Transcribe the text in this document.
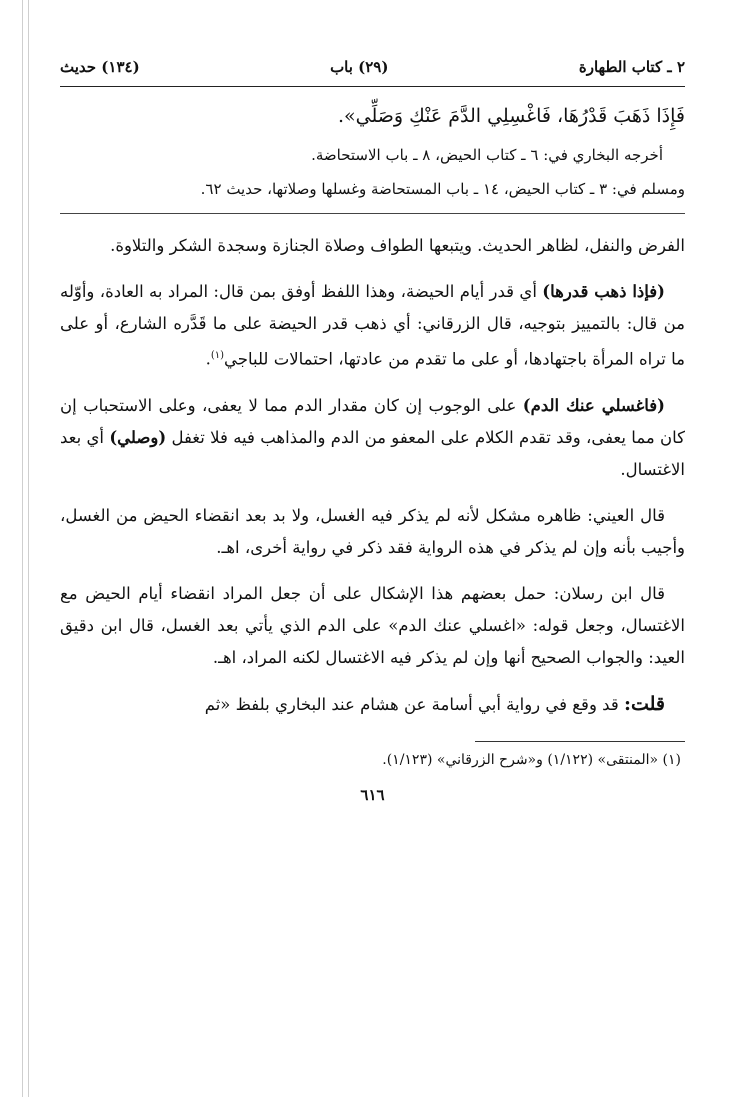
٢ ـ كتاب الطهارة
(٢٩) باب
(١٣٤) حديث
فَإِذَا ذَهَبَ قَدْرُهَا، فَاغْسِلِي الدَّمَ عَنْكِ وَصَلِّي».

أخرجه البخاري في: ٦ ـ كتاب الحيض، ٨ ـ باب الاستحاضة.

ومسلم في: ٣ ـ كتاب الحيض، ١٤ ـ باب المستحاضة وغسلها وصلاتها، حديث ٦٢.

الفرض والنفل، لظاهر الحديث. ويتبعها الطواف وصلاة الجنازة وسجدة الشكر والتلاوة.

(فإذا ذهب قدرها) أي قدر أيام الحيضة، وهذا اللفظ أوفق بمن قال: المراد به العادة، وأوّله من قال: بالتمييز بتوجيه، قال الزرقاني: أي ذهب قدر الحيضة على ما قَدَّره الشارع، أو على ما تراه المرأة باجتهادها، أو على ما تقدم من عادتها، احتمالات للباجي$^{(١)}$.

(فاغسلي عنك الدم) على الوجوب إن كان مقدار الدم مما لا يعفى، وعلى الاستحباب إن كان مما يعفى، وقد تقدم الكلام على المعفو من الدم والمذاهب فيه فلا تغفل (وصلي) أي بعد الاغتسال.

قال العيني: ظاهره مشكل لأنه لم يذكر فيه الغسل، ولا بد بعد انقضاء الحيض من الغسل، وأجيب بأنه وإن لم يذكر في هذه الرواية فقد ذكر في رواية أخرى، اهـ.

قال ابن رسلان: حمل بعضهم هذا الإشكال على أن جعل المراد انقضاء أيام الحيض مع الاغتسال، وجعل قوله: «اغسلي عنك الدم» على الدم الذي يأتي بعد الغسل، قال ابن دقيق العيد: والجواب الصحيح أنها وإن لم يذكر فيه الاغتسال لكنه المراد، اهـ.

قلت: قد وقع في رواية أبي أسامة عن هشام عند البخاري بلفظ «ثم

(١) «المنتقى» (١/١٢٢) و«شرح الزرقاني» (١/١٢٣).
٦١٦
